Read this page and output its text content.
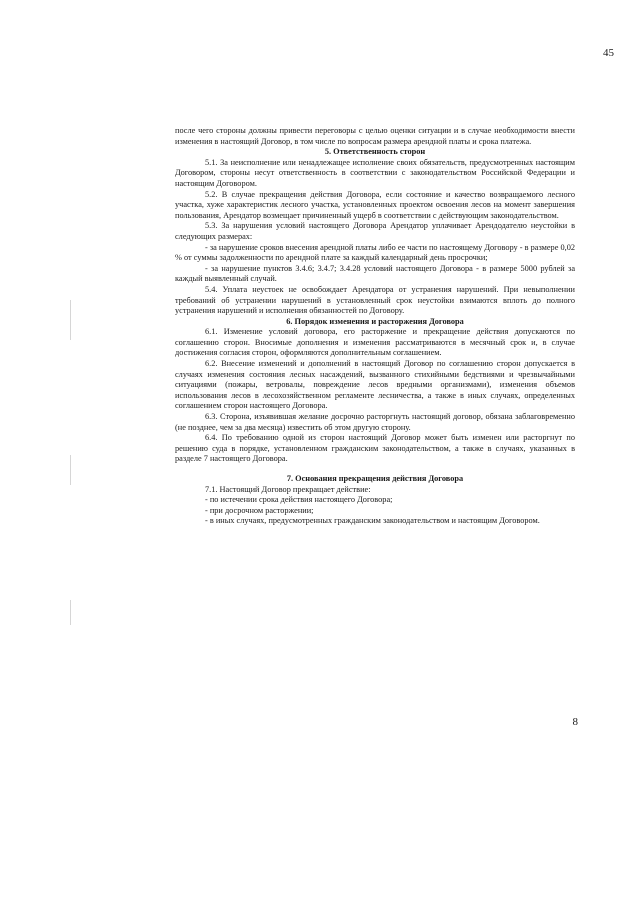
45

после чего стороны должны привести переговоры с целью оценки ситуации и в случае необходимости внести изменения в настоящий Договор, в том числе по вопросам размера арендной платы и срока платежа.

5. Ответственность сторон

5.1. За неисполнение или ненадлежащее исполнение своих обязательств, предусмотренных настоящим Договором, стороны несут ответственность в соответствии с законодательством Российской Федерации и настоящим Договором.

5.2. В случае прекращения действия Договора, если состояние и качество возвращаемого лесного участка, хуже характеристик лесного участка, установленных проектом освоения лесов на момент завершения пользования, Арендатор возмещает причиненный ущерб в соответствии с действующим законодательством.

5.3. За нарушения условий настоящего Договора Арендатор уплачивает Арендодателю неустойки в следующих размерах:

- за нарушение сроков внесения арендной платы либо ее части по настоящему Договору - в размере 0,02 % от суммы задолженности по арендной плате за каждый календарный день просрочки;

- за нарушение пунктов 3.4.6; 3.4.7; 3.4.28 условий настоящего Договора - в размере 5000 рублей за каждый выявленный случай.

5.4. Уплата неустоек не освобождает Арендатора от устранения нарушений. При невыполнении требований об устранении нарушений в установленный срок неустойки взимаются вплоть до полного устранения нарушений и исполнения обязанностей по Договору.

6. Порядок изменения и расторжения Договора

6.1. Изменение условий договора, его расторжение и прекращение действия допускаются по соглашению сторон. Вносимые дополнения и изменения рассматриваются в месячный срок и, в случае достижения согласия сторон, оформляются дополнительным соглашением.

6.2. Внесение изменений и дополнений в настоящий Договор по соглашению сторон допускается в случаях изменения состояния лесных насаждений, вызванного стихийными бедствиями и чрезвычайными ситуациями (пожары, ветровалы, повреждение лесов вредными организмами), изменения объемов использования лесов в лесохозяйственном регламенте лесничества, а также в иных случаях, определенных соглашением сторон настоящего Договора.

6.3. Сторона, изъявившая желание досрочно расторгнуть настоящий договор, обязана заблаговременно (не позднее, чем за два месяца) известить об этом другую сторону.

6.4. По требованию одной из сторон настоящий Договор может быть изменен или расторгнут по решению суда в порядке, установленном гражданским законодательством, а также в случаях, указанных в разделе 7 настоящего Договора.

7. Основания прекращения действия Договора

7.1. Настоящий Договор прекращает действие:

- по истечении срока действия настоящего Договора;

- при досрочном расторжении;

- в иных случаях, предусмотренных гражданским законодательством и настоящим Договором.

8
